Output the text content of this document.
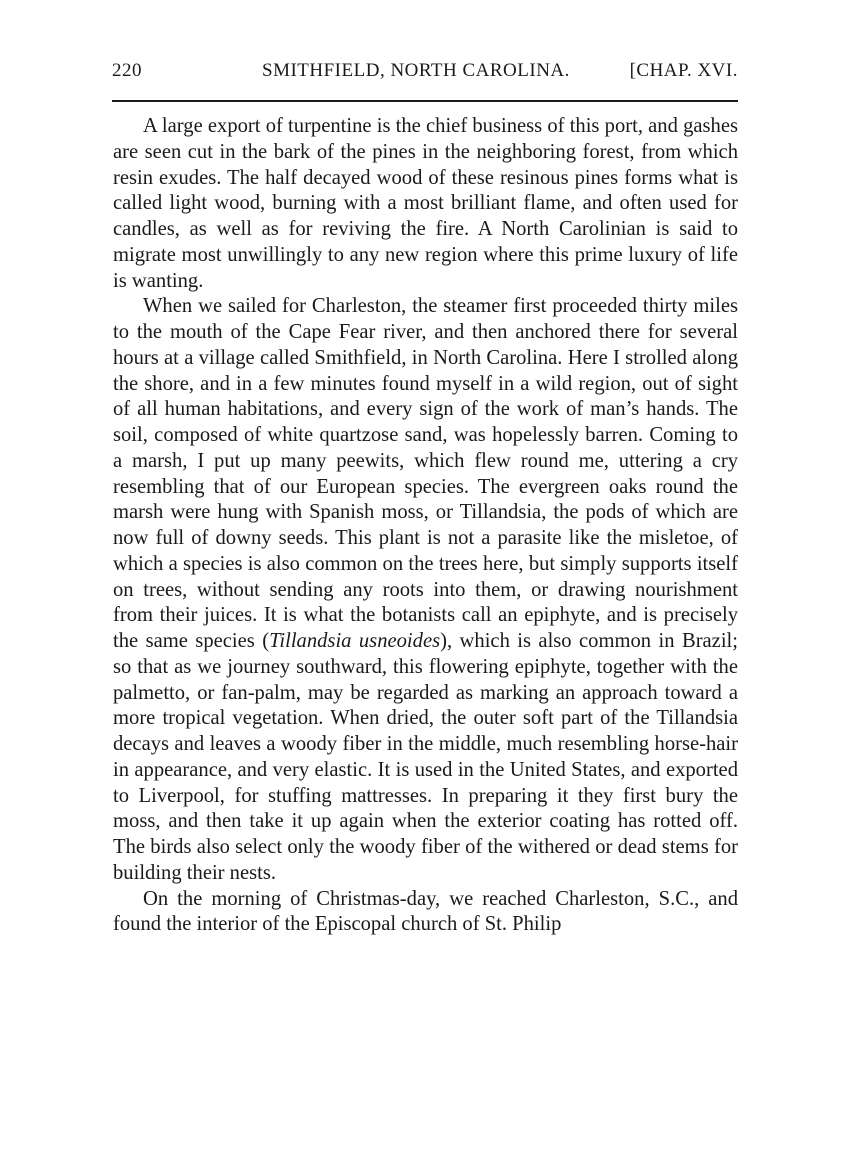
220	SMITHFIELD, NORTH CAROLINA.	[CHAP. XVI.

A large export of turpentine is the chief business of this port, and gashes are seen cut in the bark of the pines in the neighboring forest, from which resin exudes. The half decayed wood of these resinous pines forms what is called light wood, burning with a most brilliant flame, and often used for candles, as well as for reviving the fire. A North Carolinian is said to migrate most unwillingly to any new region where this prime luxury of life is wanting.

When we sailed for Charleston, the steamer first proceeded thirty miles to the mouth of the Cape Fear river, and then anchored there for several hours at a village called Smithfield, in North Carolina. Here I strolled along the shore, and in a few minutes found myself in a wild region, out of sight of all human habitations, and every sign of the work of man’s hands. The soil, composed of white quartzose sand, was hopelessly barren. Coming to a marsh, I put up many peewits, which flew round me, uttering a cry resembling that of our European species. The evergreen oaks round the marsh were hung with Spanish moss, or Tillandsia, the pods of which are now full of downy seeds. This plant is not a parasite like the misletoe, of which a species is also common on the trees here, but simply supports itself on trees, without sending any roots into them, or drawing nourishment from their juices. It is what the botanists call an epiphyte, and is precisely the same species (Tillandsia usneoides), which is also common in Brazil; so that as we journey southward, this flowering epiphyte, together with the palmetto, or fan-palm, may be regarded as marking an approach toward a more tropical vegetation. When dried, the outer soft part of the Tillandsia decays and leaves a woody fiber in the middle, much resembling horse-hair in appearance, and very elastic. It is used in the United States, and exported to Liverpool, for stuffing mattresses. In preparing it they first bury the moss, and then take it up again when the exterior coating has rotted off. The birds also select only the woody fiber of the withered or dead stems for building their nests.

On the morning of Christmas-day, we reached Charleston, S.C., and found the interior of the Episcopal church of St. Philip
